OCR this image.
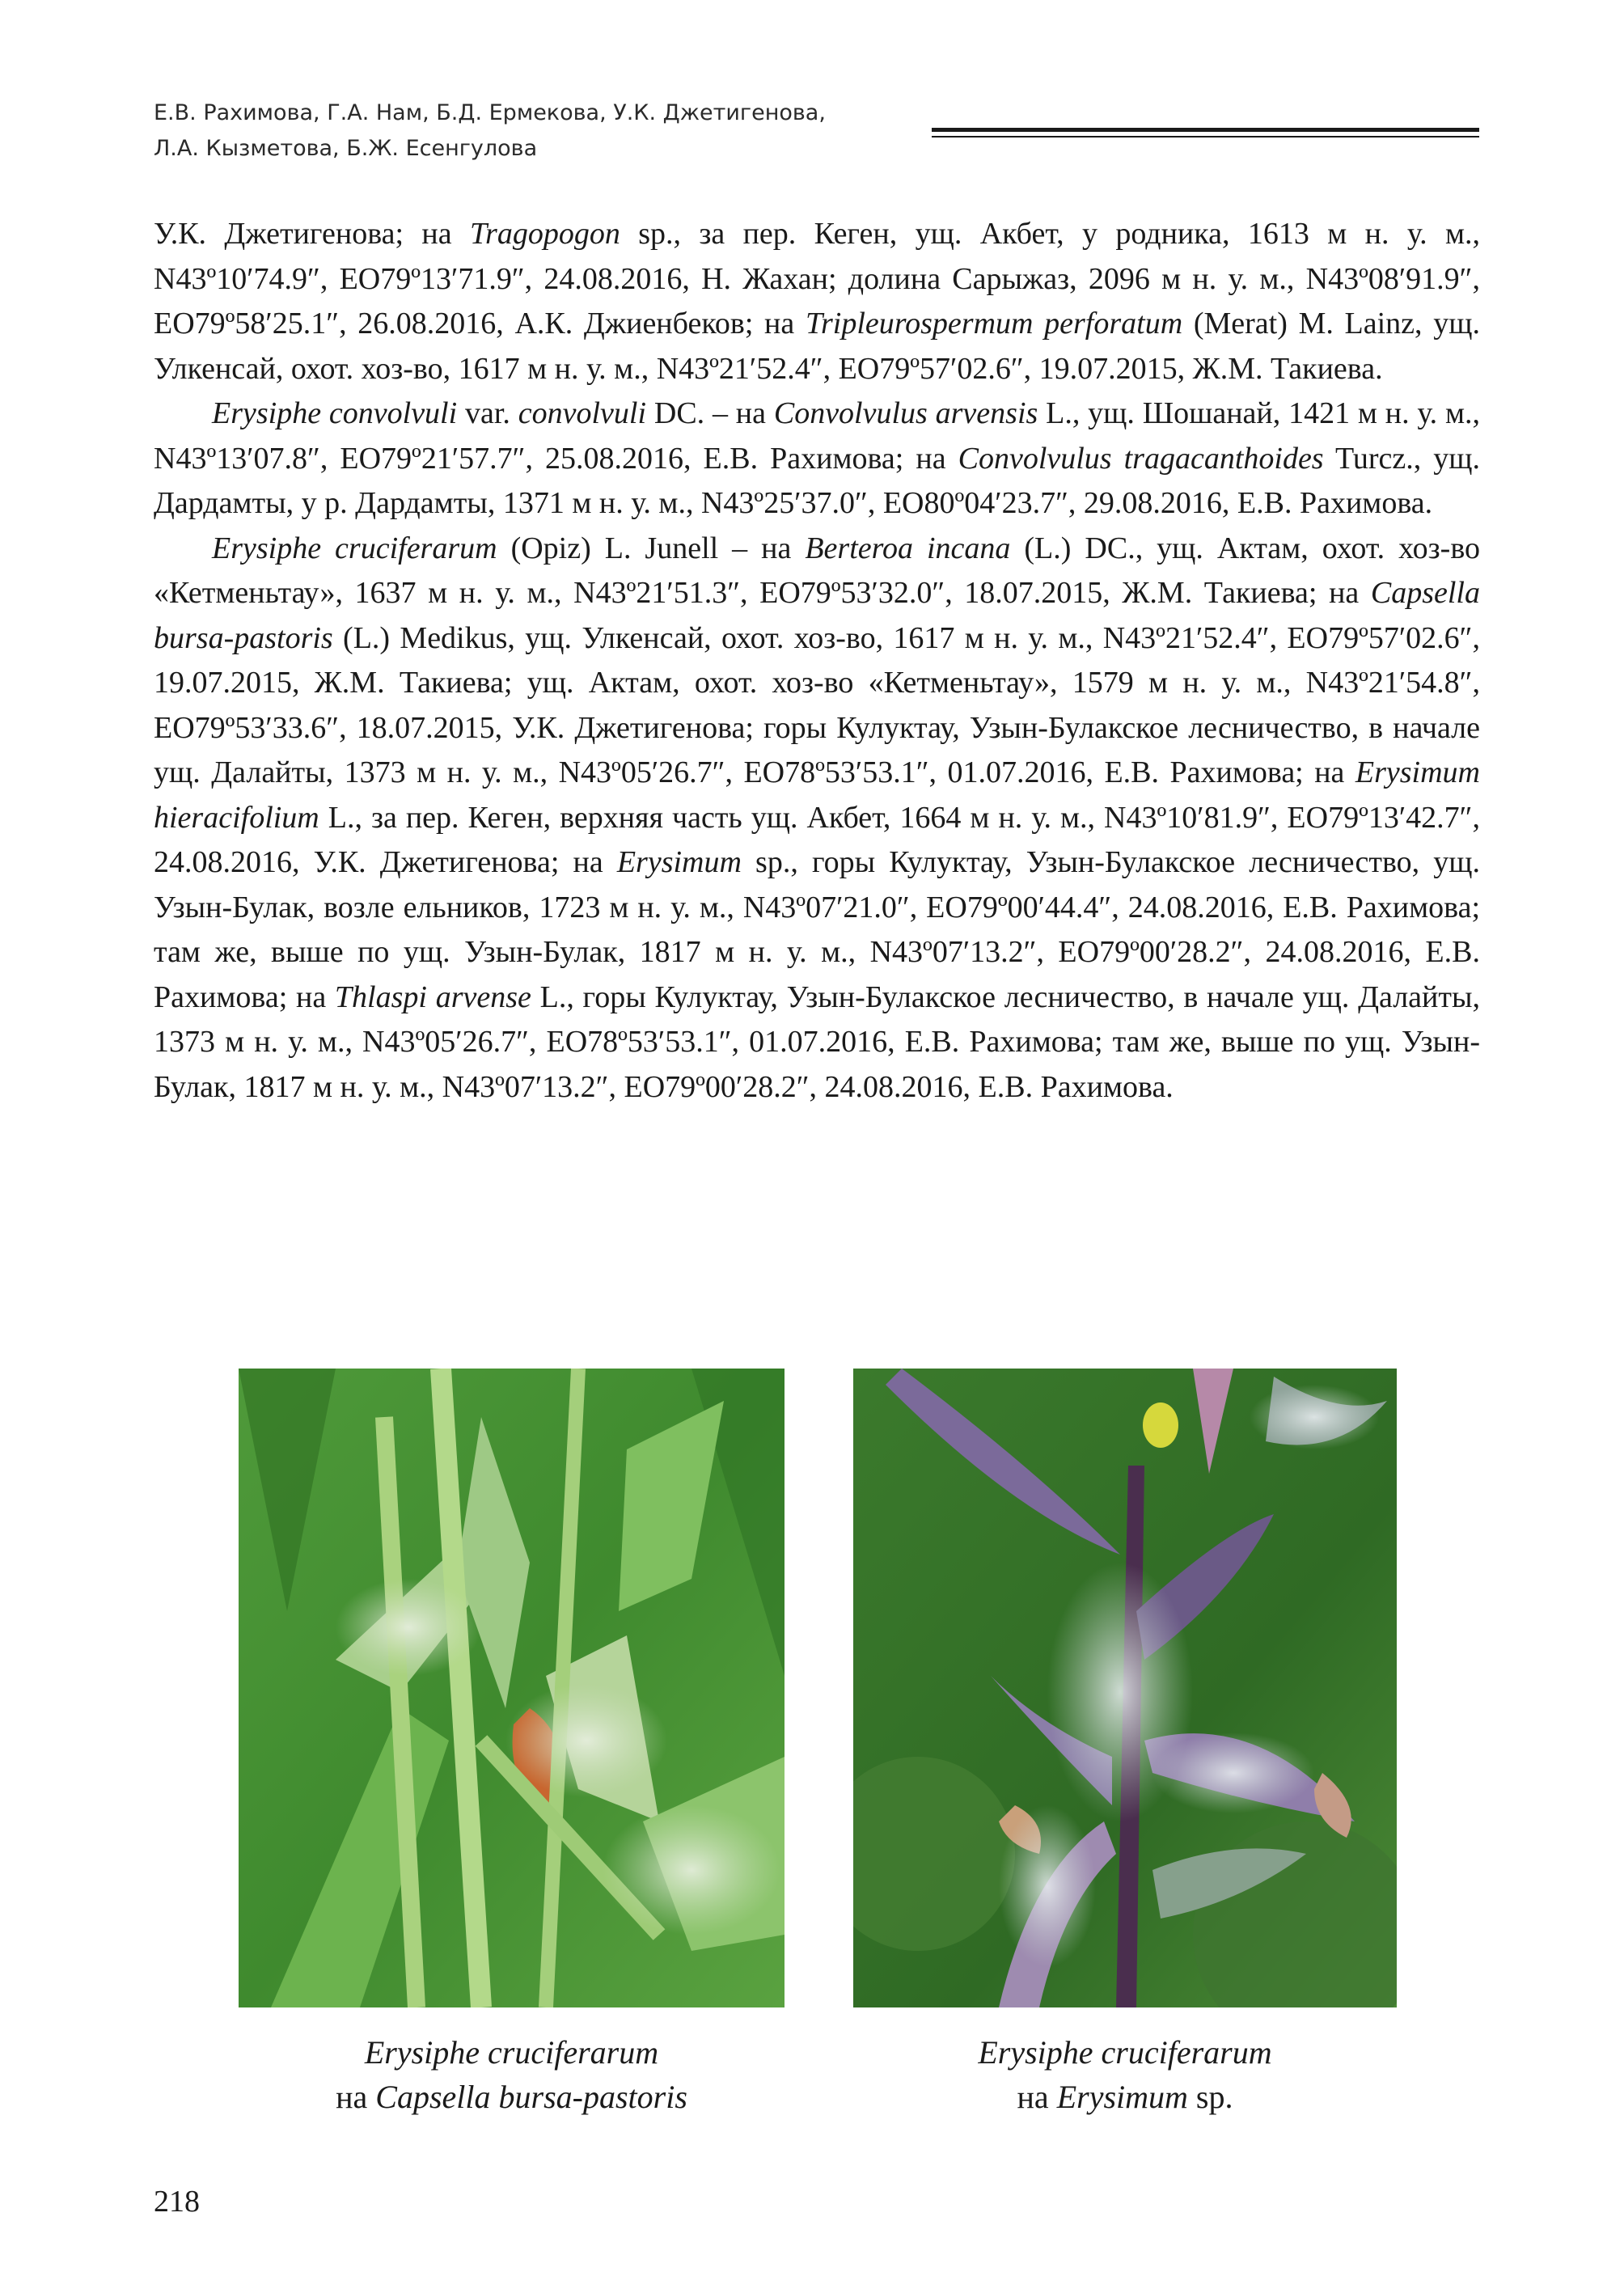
Е.В. Рахимова, Г.А. Нам, Б.Д. Ермекова, У.К. Джетигенова,
Л.А. Кызметова, Б.Ж. Есенгулова

У.К. Джетигенова; на Tragopogon sp., за пер. Кеген, ущ. Акбет, у родника, 1613 м н. у. м., N43º10′74.9″, EO79º13′71.9″, 24.08.2016, Н. Жахан; долина Сарыжаз, 2096 м н. у. м., N43º08′91.9″, EO79º58′25.1″, 26.08.2016, А.К. Джиенбеков; на Tripleurospermum perforatum (Merat) M. Lainz, ущ. Улкенсай, охот. хоз-во, 1617 м н. у. м., N43º21′52.4″, EO79º57′02.6″, 19.07.2015, Ж.М. Такиева.

Erysiphe convolvuli var. convolvuli DC. – на Convolvulus arvensis L., ущ. Шошанай, 1421 м н. у. м., N43º13′07.8″, EO79º21′57.7″, 25.08.2016, Е.В. Рахимова; на Convolvulus tragacanthoides Turcz., ущ. Дардамты, у р. Дардамты, 1371 м н. у. м., N43º25′37.0″, EO80º04′23.7″, 29.08.2016, Е.В. Рахимова.

Erysiphe cruciferarum (Opiz) L. Junell – на Berteroa incana (L.) DC., ущ. Актам, охот. хоз-во «Кетменьтау», 1637 м н. у. м., N43º21′51.3″, EO79º53′32.0″, 18.07.2015, Ж.М. Такиева; на Capsella bursa-pastoris (L.) Medikus, ущ. Улкенсай, охот. хоз-во, 1617 м н. у. м., N43º21′52.4″, EO79º57′02.6″, 19.07.2015, Ж.М. Такиева; ущ. Актам, охот. хоз-во «Кетменьтау», 1579 м н. у. м., N43º21′54.8″, EO79º53′33.6″, 18.07.2015, У.К. Джетигенова; горы Кулуктау, Узын-Булакское лесничество, в начале ущ. Далайты, 1373 м н. у. м., N43º05′26.7″, EO78º53′53.1″, 01.07.2016, Е.В. Рахимова; на Erysimum hieracifolium L., за пер. Кеген, верхняя часть ущ. Акбет, 1664 м н. у. м., N43º10′81.9″, EO79º13′42.7″, 24.08.2016, У.К. Джетигенова; на Erysimum sp., горы Кулуктау, Узын-Булакское лесничество, ущ. Узын-Булак, возле ельников, 1723 м н. у. м., N43º07′21.0″, EO79º00′44.4″, 24.08.2016, Е.В. Рахимова; там же, выше по ущ. Узын-Булак, 1817 м н. у. м., N43º07′13.2″, EO79º00′28.2″, 24.08.2016, Е.В. Рахимова; на Thlaspi arvense L., горы Кулуктау, Узын-Булакское лесничество, в начале ущ. Далайты, 1373 м н. у. м., N43º05′26.7″, EO78º53′53.1″, 01.07.2016, Е.В. Рахимова; там же, выше по ущ. Узын-Булак, 1817 м н. у. м., N43º07′13.2″, EO79º00′28.2″, 24.08.2016, Е.В. Рахимова.

Erysiphe cruciferarum
на Capsella bursa-pastoris
Erysiphe cruciferarum
на Erysimum sp.
218
